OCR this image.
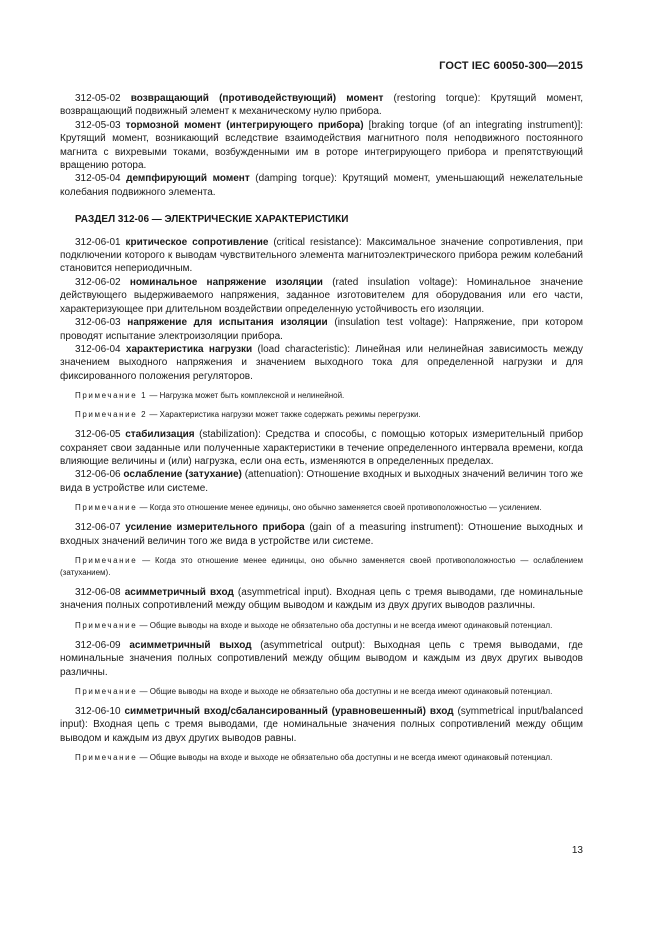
ГОСТ IEC 60050-300—2015

312-05-02 возвращающий (противодействующий) момент (restoring torque): Крутящий момент, возвращающий подвижный элемент к механическому нулю прибора.

312-05-03 тормозной момент (интегрирующего прибора) [braking torque (of an integrating instrument)]: Крутящий момент, возникающий вследствие взаимодействия магнитного поля неподвижного постоянного магнита с вихревыми токами, возбужденными им в роторе интегрирующего прибора и препятствующий вращению ротора.

312-05-04 демпфирующий момент (damping torque): Крутящий момент, уменьшающий нежелательные колебания подвижного элемента.

РАЗДЕЛ 312-06 — ЭЛЕКТРИЧЕСКИЕ ХАРАКТЕРИСТИКИ

312-06-01 критическое сопротивление (critical resistance): Максимальное значение сопротивления, при подключении которого к выводам чувствительного элемента магнитоэлектрического прибора режим колебаний становится непериодичным.

312-06-02 номинальное напряжение изоляции (rated insulation voltage): Номинальное значение действующего выдерживаемого напряжения, заданное изготовителем для оборудования или его части, характеризующее при длительном воздействии определенную устойчивость его изоляции.

312-06-03 напряжение для испытания изоляции (insulation test voltage): Напряжение, при котором проводят испытание электроизоляции прибора.

312-06-04 характеристика нагрузки (load characteristic): Линейная или нелинейная зависимость между значением выходного напряжения и значением выходного тока для определенной нагрузки и для фиксированного положения регуляторов.

Примечание 1 — Нагрузка может быть комплексной и нелинейной.

Примечание 2 — Характеристика нагрузки может также содержать режимы перегрузки.

312-06-05 стабилизация (stabilization): Средства и способы, с помощью которых измерительный прибор сохраняет свои заданные или полученные характеристики в течение определенного интервала времени, когда влияющие величины и (или) нагрузка, если она есть, изменяются в определенных пределах.

312-06-06 ослабление (затухание) (attenuation): Отношение входных и выходных значений величин того же вида в устройстве или системе.

Примечание — Когда это отношение менее единицы, оно обычно заменяется своей противоположностью — усилением.

312-06-07 усиление измерительного прибора (gain of a measuring instrument): Отношение выходных и входных значений величин того же вида в устройстве или системе.

Примечание — Когда это отношение менее единицы, оно обычно заменяется своей противоположностью — ослаблением (затуханием).

312-06-08 асимметричный вход (asymmetrical input). Входная цепь с тремя выводами, где номинальные значения полных сопротивлений между общим выводом и каждым из двух других выводов различны.

Примечание — Общие выводы на входе и выходе не обязательно оба доступны и не всегда имеют одинаковый потенциал.

312-06-09 асимметричный выход (asymmetrical output): Выходная цепь с тремя выводами, где номинальные значения полных сопротивлений между общим выводом и каждым из двух других выводов различны.

Примечание — Общие выводы на входе и выходе не обязательно оба доступны и не всегда имеют одинаковый потенциал.

312-06-10 симметричный вход/сбалансированный (уравновешенный) вход (symmetrical input/balanced input): Входная цепь с тремя выводами, где номинальные значения полных сопротивлений между общим выводом и каждым из двух других выводов равны.

Примечание — Общие выводы на входе и выходе не обязательно оба доступны и не всегда имеют одинаковый потенциал.

13
